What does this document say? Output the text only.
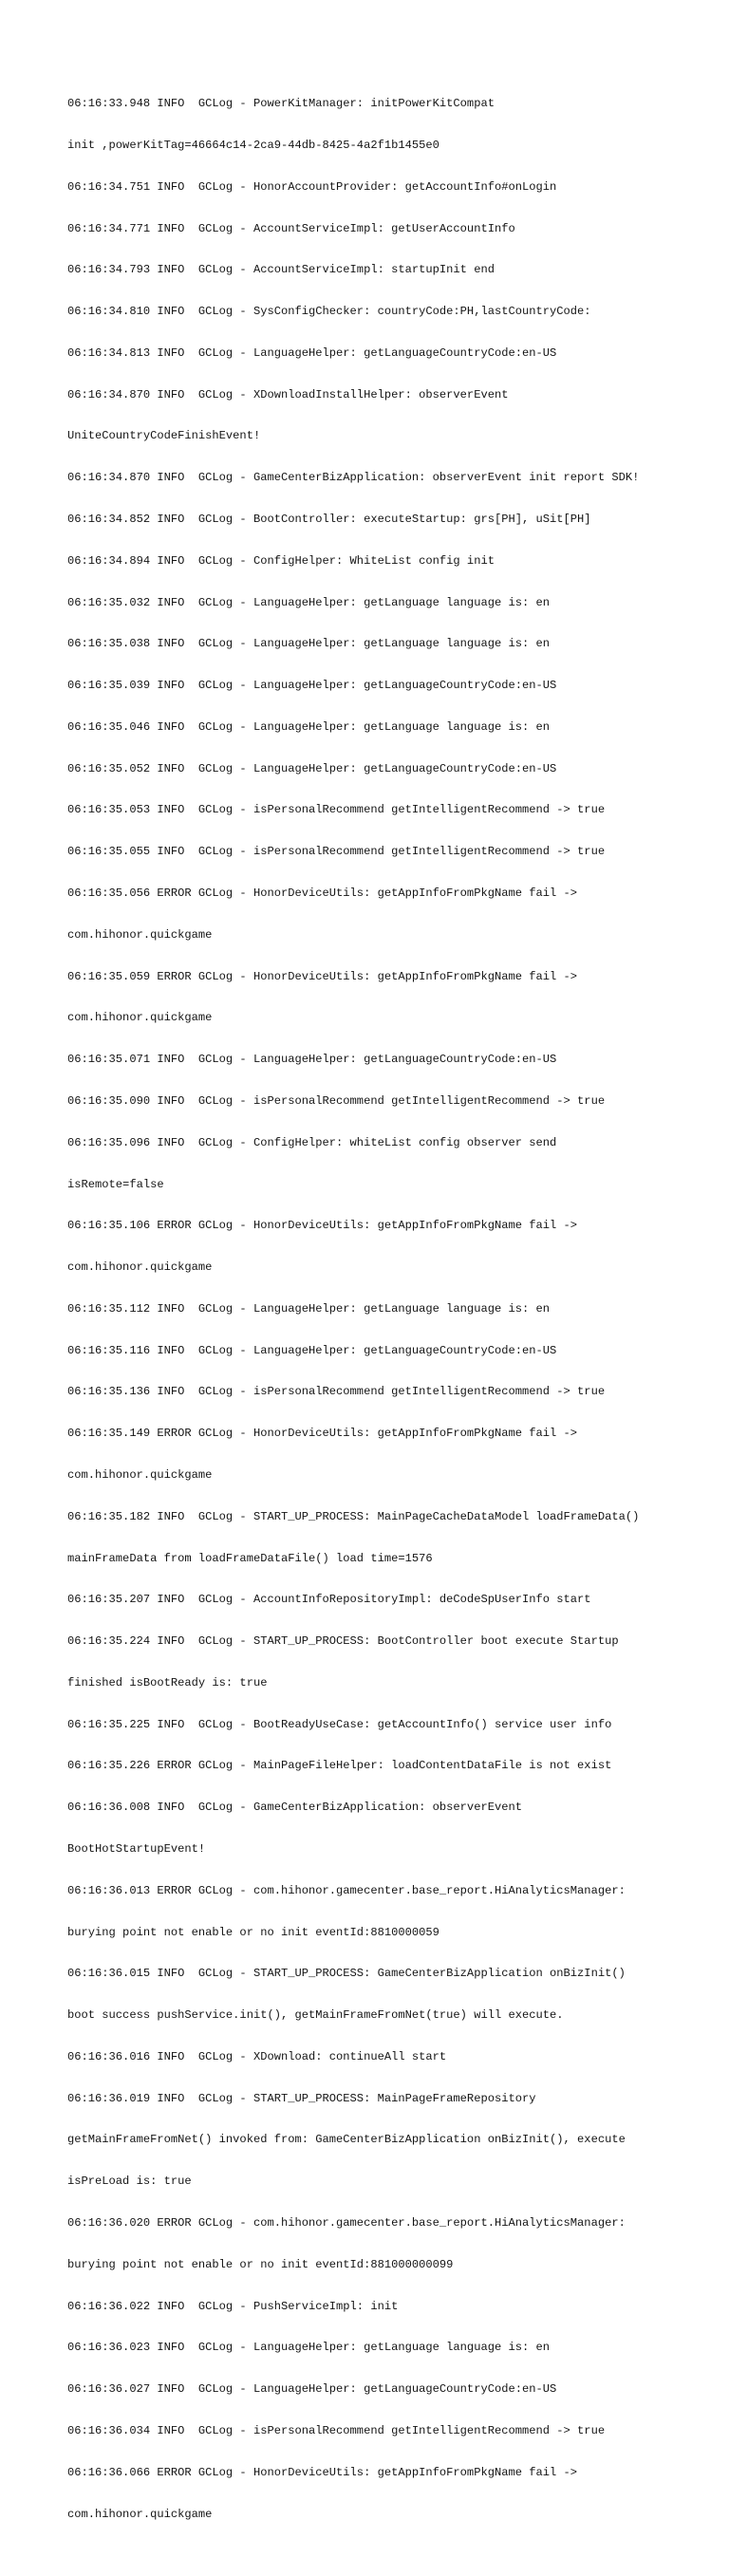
06:16:33.948 INFO  GCLog - PowerKitManager: initPowerKitCompat

init ,powerKitTag=46664c14-2ca9-44db-8425-4a2f1b1455e0

06:16:34.751 INFO  GCLog - HonorAccountProvider: getAccountInfo#onLogin

06:16:34.771 INFO  GCLog - AccountServiceImpl: getUserAccountInfo

06:16:34.793 INFO  GCLog - AccountServiceImpl: startupInit end

06:16:34.810 INFO  GCLog - SysConfigChecker: countryCode:PH,lastCountryCode:

06:16:34.813 INFO  GCLog - LanguageHelper: getLanguageCountryCode:en-US

06:16:34.870 INFO  GCLog - XDownloadInstallHelper: observerEvent

UniteCountryCodeFinishEvent!

06:16:34.870 INFO  GCLog - GameCenterBizApplication: observerEvent init report SDK!

06:16:34.852 INFO  GCLog - BootController: executeStartup: grs[PH], uSit[PH]

06:16:34.894 INFO  GCLog - ConfigHelper: WhiteList config init

06:16:35.032 INFO  GCLog - LanguageHelper: getLanguage language is: en

06:16:35.038 INFO  GCLog - LanguageHelper: getLanguage language is: en

06:16:35.039 INFO  GCLog - LanguageHelper: getLanguageCountryCode:en-US

06:16:35.046 INFO  GCLog - LanguageHelper: getLanguage language is: en

06:16:35.052 INFO  GCLog - LanguageHelper: getLanguageCountryCode:en-US

06:16:35.053 INFO  GCLog - isPersonalRecommend getIntelligentRecommend -> true

06:16:35.055 INFO  GCLog - isPersonalRecommend getIntelligentRecommend -> true

06:16:35.056 ERROR GCLog - HonorDeviceUtils: getAppInfoFromPkgName fail ->

com.hihonor.quickgame

06:16:35.059 ERROR GCLog - HonorDeviceUtils: getAppInfoFromPkgName fail ->

com.hihonor.quickgame

06:16:35.071 INFO  GCLog - LanguageHelper: getLanguageCountryCode:en-US

06:16:35.090 INFO  GCLog - isPersonalRecommend getIntelligentRecommend -> true

06:16:35.096 INFO  GCLog - ConfigHelper: whiteList config observer send

isRemote=false

06:16:35.106 ERROR GCLog - HonorDeviceUtils: getAppInfoFromPkgName fail ->

com.hihonor.quickgame

06:16:35.112 INFO  GCLog - LanguageHelper: getLanguage language is: en

06:16:35.116 INFO  GCLog - LanguageHelper: getLanguageCountryCode:en-US

06:16:35.136 INFO  GCLog - isPersonalRecommend getIntelligentRecommend -> true

06:16:35.149 ERROR GCLog - HonorDeviceUtils: getAppInfoFromPkgName fail ->

com.hihonor.quickgame

06:16:35.182 INFO  GCLog - START_UP_PROCESS: MainPageCacheDataModel loadFrameData()

mainFrameData from loadFrameDataFile() load time=1576

06:16:35.207 INFO  GCLog - AccountInfoRepositoryImpl: deCodeSpUserInfo start

06:16:35.224 INFO  GCLog - START_UP_PROCESS: BootController boot execute Startup

finished isBootReady is: true

06:16:35.225 INFO  GCLog - BootReadyUseCase: getAccountInfo() service user info

06:16:35.226 ERROR GCLog - MainPageFileHelper: loadContentDataFile is not exist

06:16:36.008 INFO  GCLog - GameCenterBizApplication: observerEvent

BootHotStartupEvent!

06:16:36.013 ERROR GCLog - com.hihonor.gamecenter.base_report.HiAnalyticsManager:

burying point not enable or no init eventId:8810000059

06:16:36.015 INFO  GCLog - START_UP_PROCESS: GameCenterBizApplication onBizInit()

boot success pushService.init(), getMainFrameFromNet(true) will execute.

06:16:36.016 INFO  GCLog - XDownload: continueAll start

06:16:36.019 INFO  GCLog - START_UP_PROCESS: MainPageFrameRepository

getMainFrameFromNet() invoked from: GameCenterBizApplication onBizInit(), execute

isPreLoad is: true

06:16:36.020 ERROR GCLog - com.hihonor.gamecenter.base_report.HiAnalyticsManager:

burying point not enable or no init eventId:881000000099

06:16:36.022 INFO  GCLog - PushServiceImpl: init

06:16:36.023 INFO  GCLog - LanguageHelper: getLanguage language is: en

06:16:36.027 INFO  GCLog - LanguageHelper: getLanguageCountryCode:en-US

06:16:36.034 INFO  GCLog - isPersonalRecommend getIntelligentRecommend -> true

06:16:36.066 ERROR GCLog - HonorDeviceUtils: getAppInfoFromPkgName fail ->

com.hihonor.quickgame
